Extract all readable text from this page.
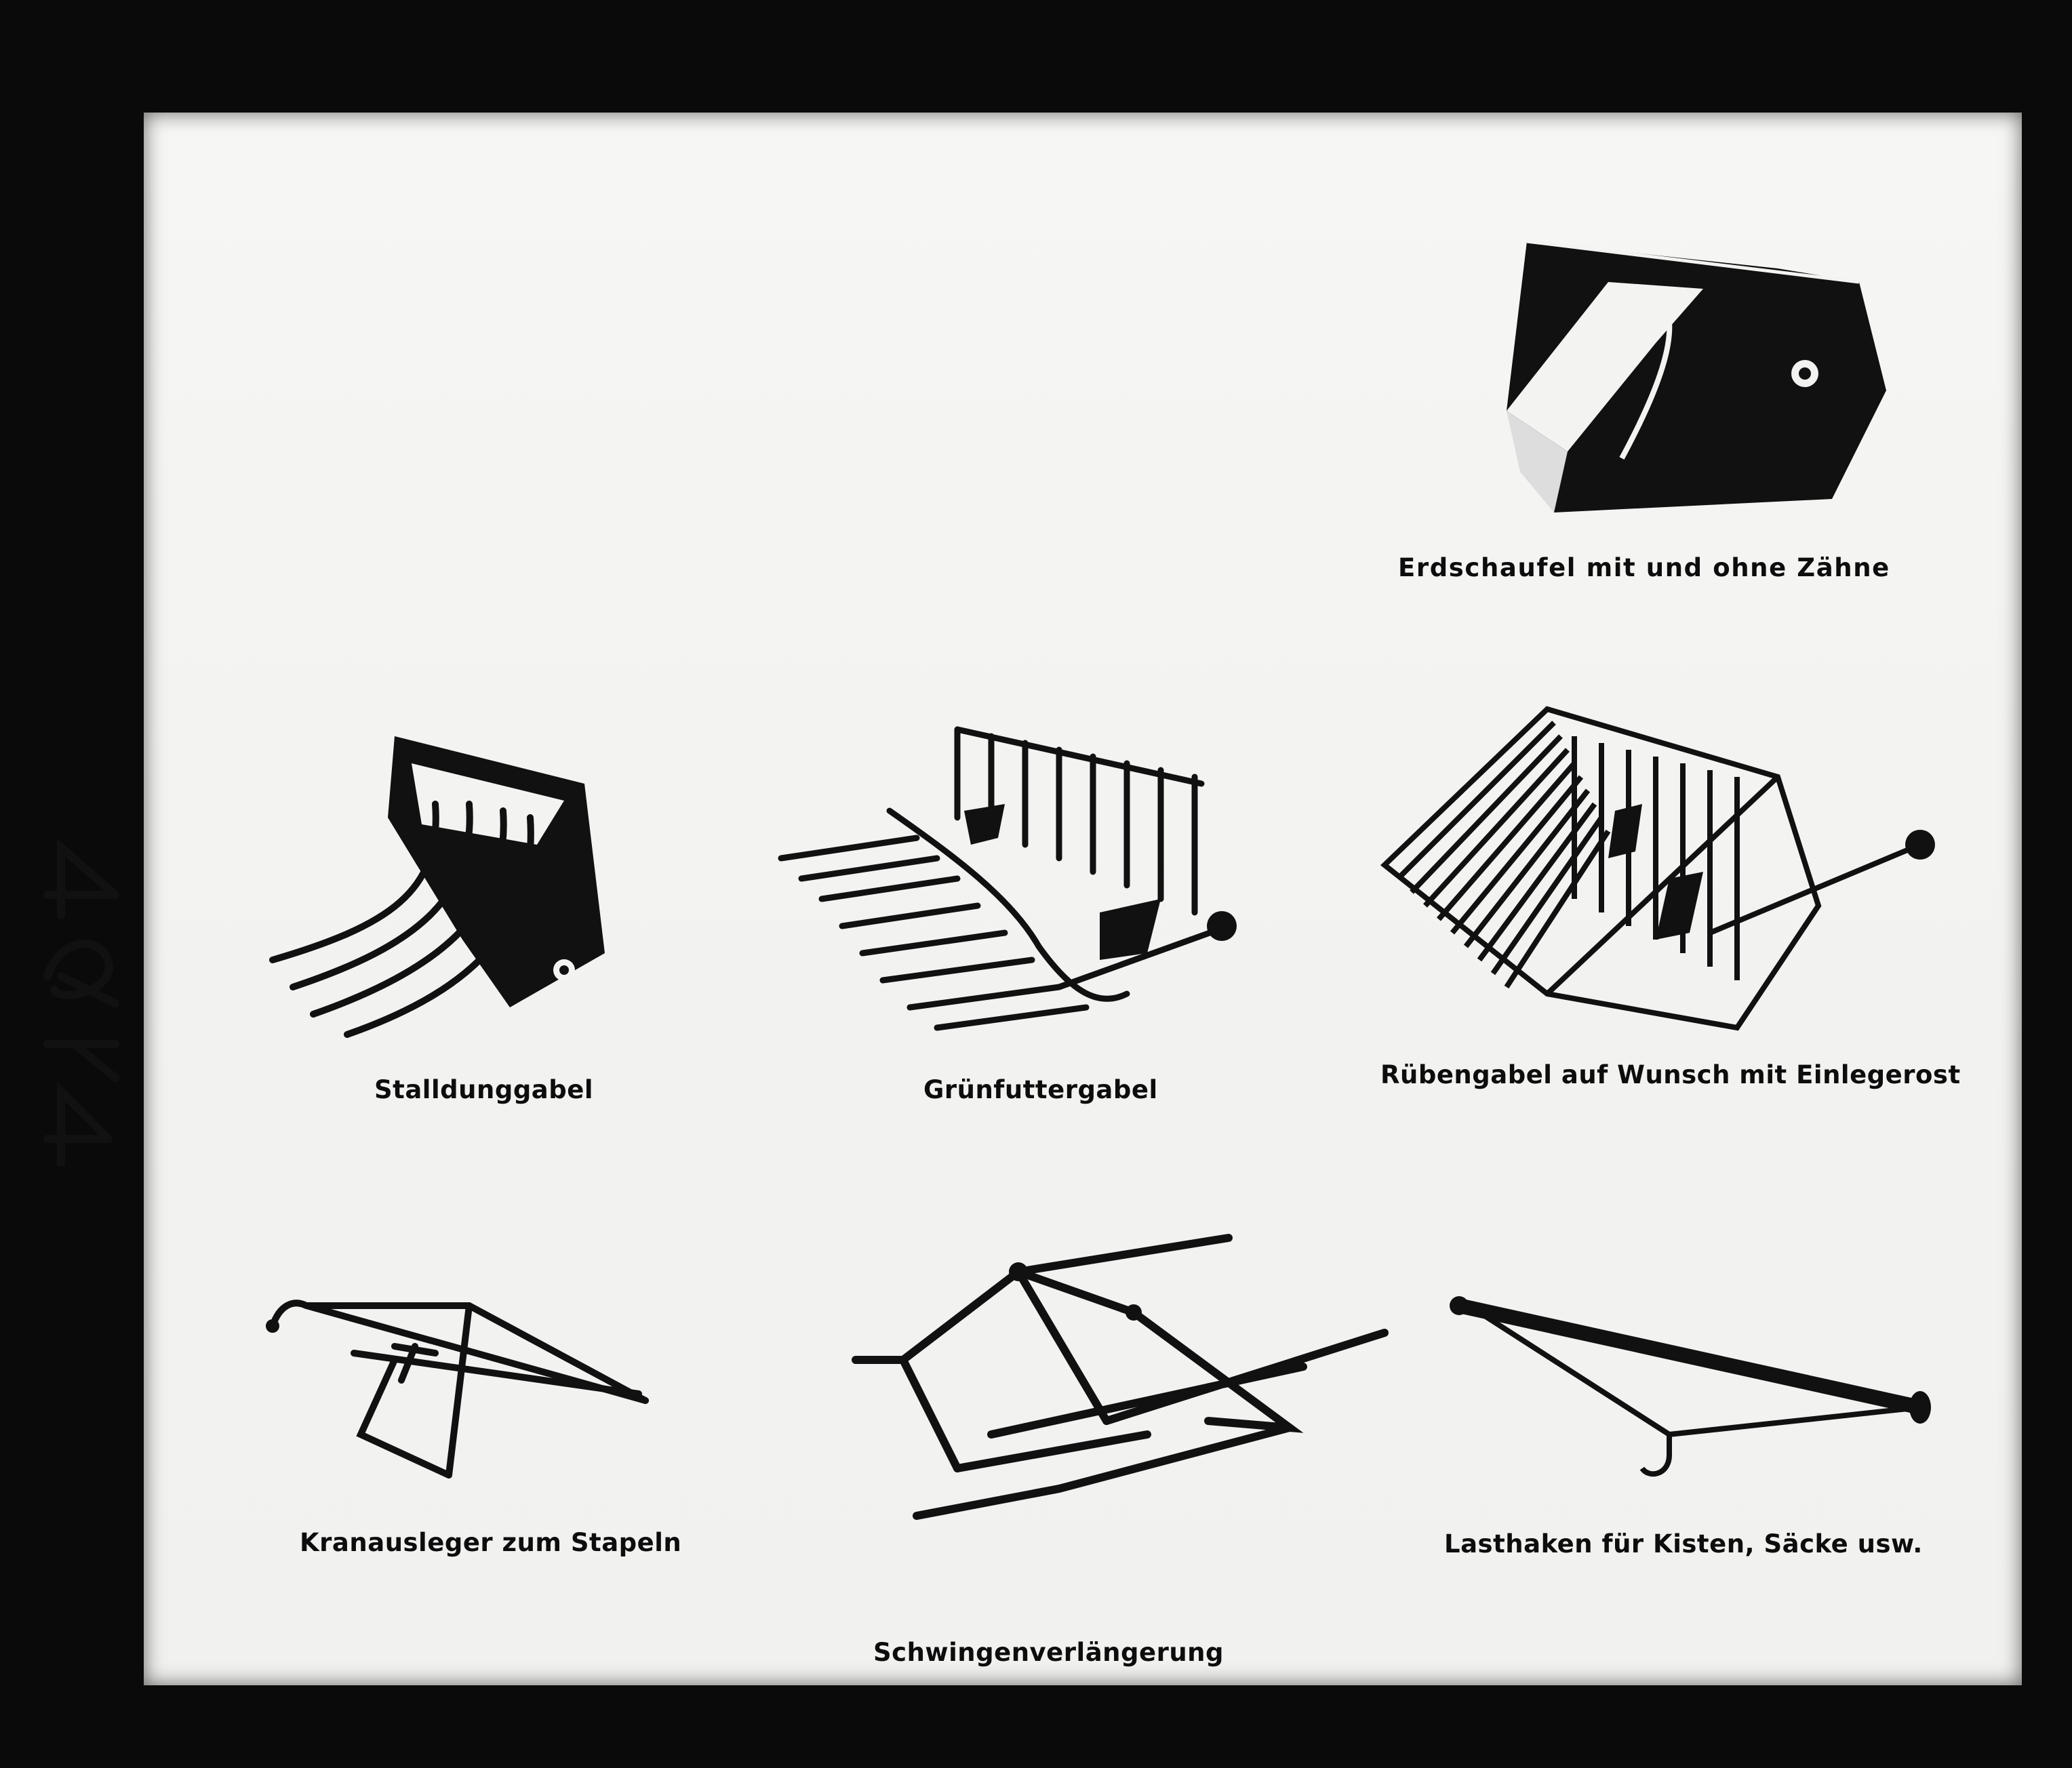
Erdschaufel mit und ohne Zähne
Stalldunggabel	Grünfuttergabel
Rübengabel auf Wunsch mit Einlegerost
Kranausleger zum Stapeln
Schwingenverlängerung
Lasthaken für Kisten, Säcke usw.
